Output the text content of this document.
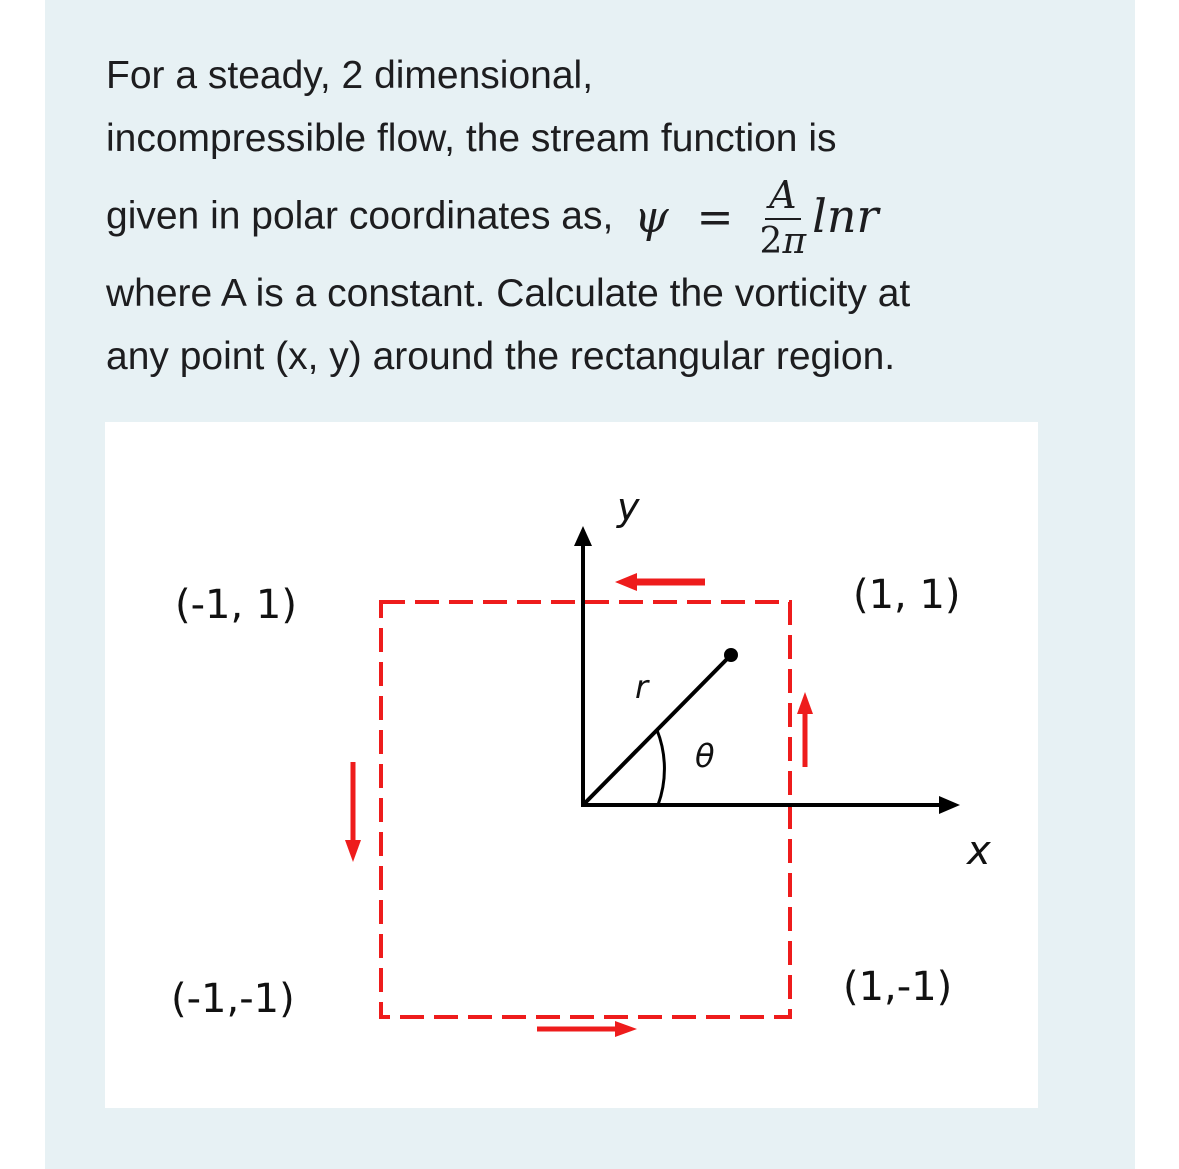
For a steady, 2 dimensional,
incompressible flow, the stream function is
given in polar coordinates as, $\psi = \frac{A}{2\pi}$ lnr
where A is a constant. Calculate the vorticity at
any point (x, y) around the rectangular region.
(-1, 1)	(1, 1)
(-1,-1)	(1,-1)
y
x
r
θ
